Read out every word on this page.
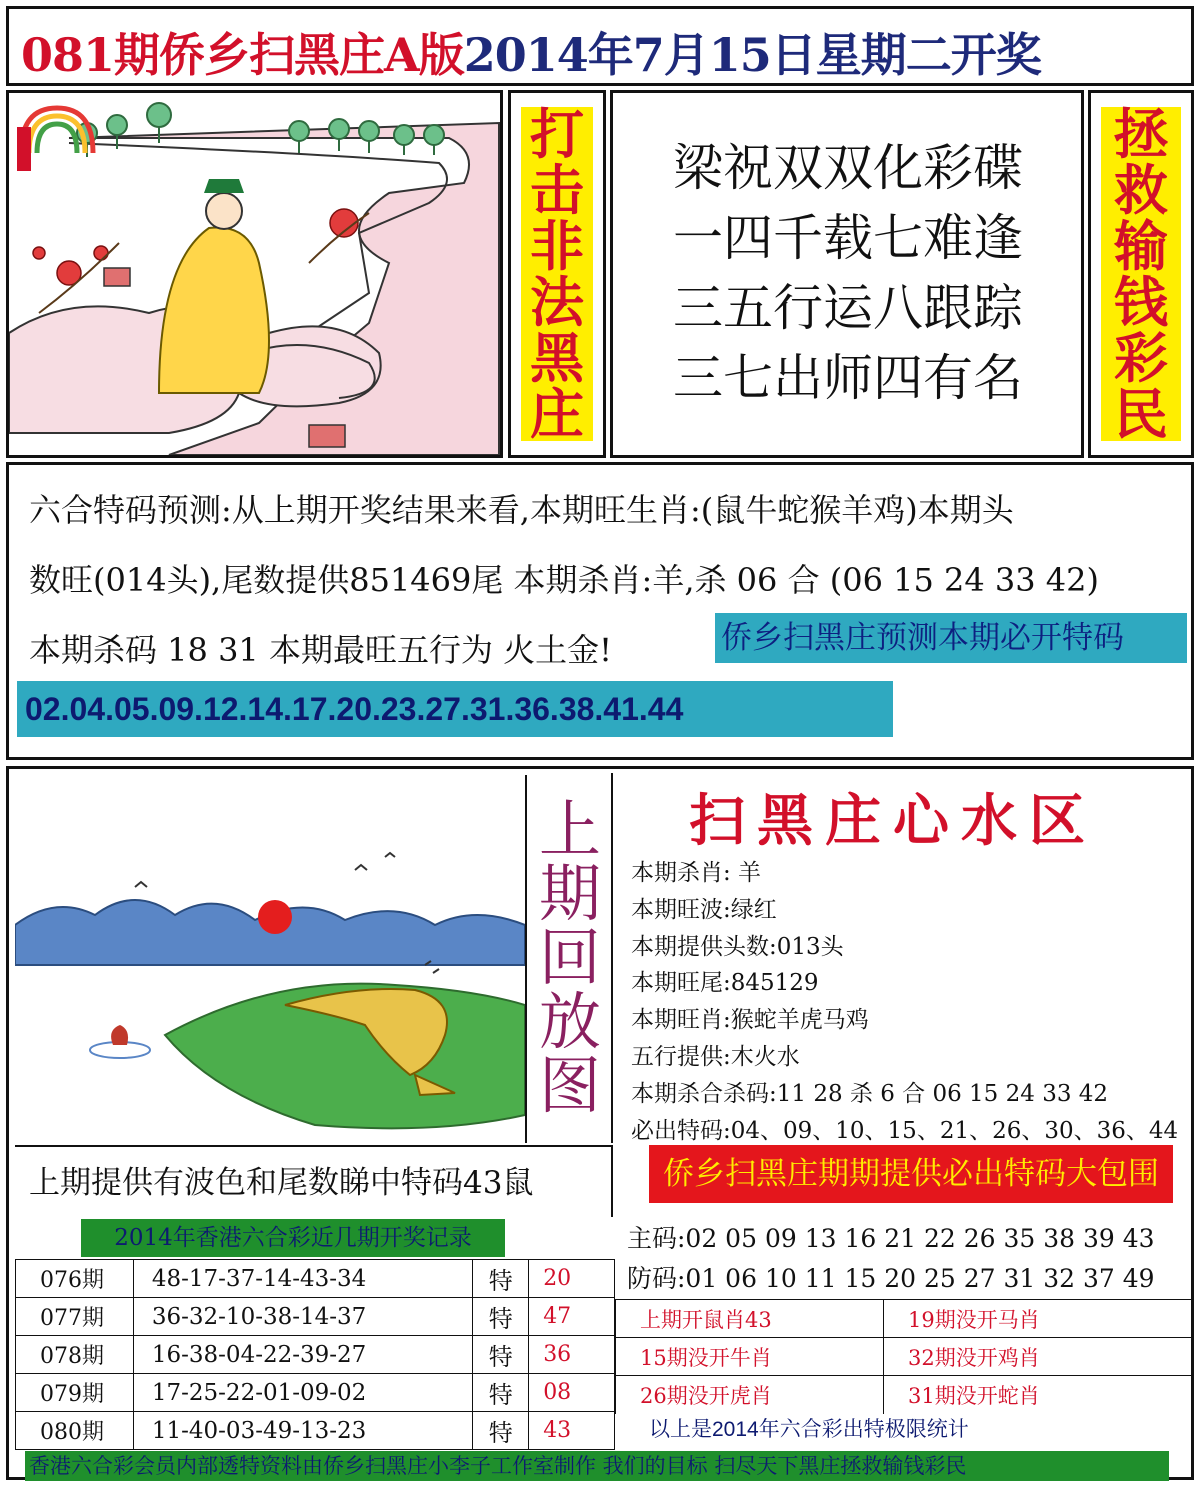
081期侨乡扫黑庄A版2014年7月15日星期二开奖
打
击
非
法
黑
庄
梁祝双双化彩碟
一四千载七难逢
三五行运八跟踪
三七出师四有名
拯
救
输
钱
彩
民
六合特码预测:从上期开奖结果来看,本期旺生肖:(鼠牛蛇猴羊鸡)本期头
数旺(014头),尾数提供851469尾 本期杀肖:羊,杀 06 合 (06 15 24 33 42)
本期杀码 18 31 本期最旺五行为 火土金!	侨乡扫黑庄预测本期必开特码
02.04.05.09.12.14.17.20.23.27.31.36.38.41.44
上
期
回
放
图
扫黑庄心水区
本期杀肖: 羊
本期旺波:绿红
本期提供头数:013头
本期旺尾:845129
本期旺肖:猴蛇羊虎马鸡
五行提供:木火水
本期杀合杀码:11 28 杀 6 合 06 15 24 33 42
必出特码:04、09、10、15、21、26、30、36、44
上期提供有波色和尾数睇中特码43鼠	侨乡扫黑庄期期提供必出特码大包围
2014年香港六合彩近几期开奖记录
076期	48-17-37-14-43-34	特	20
077期	36-32-10-38-14-37	特	47
078期	16-38-04-22-39-27	特	36
079期	17-25-22-01-09-02	特	08
080期	11-40-03-49-13-23	特	43
主码:02 05 09 13 16 21 22 26 35 38 39 43
防码:01 06 10 11 15 20 25 27 31 32 37 49
上期开鼠肖43	19期没开马肖
15期没开牛肖	32期没开鸡肖
26期没开虎肖	31期没开蛇肖
以上是2014年六合彩出特极限统计
香港六合彩会员内部透特资料由侨乡扫黑庄小李子工作室制作 我们的目标 扫尽天下黑庄拯救输钱彩民
